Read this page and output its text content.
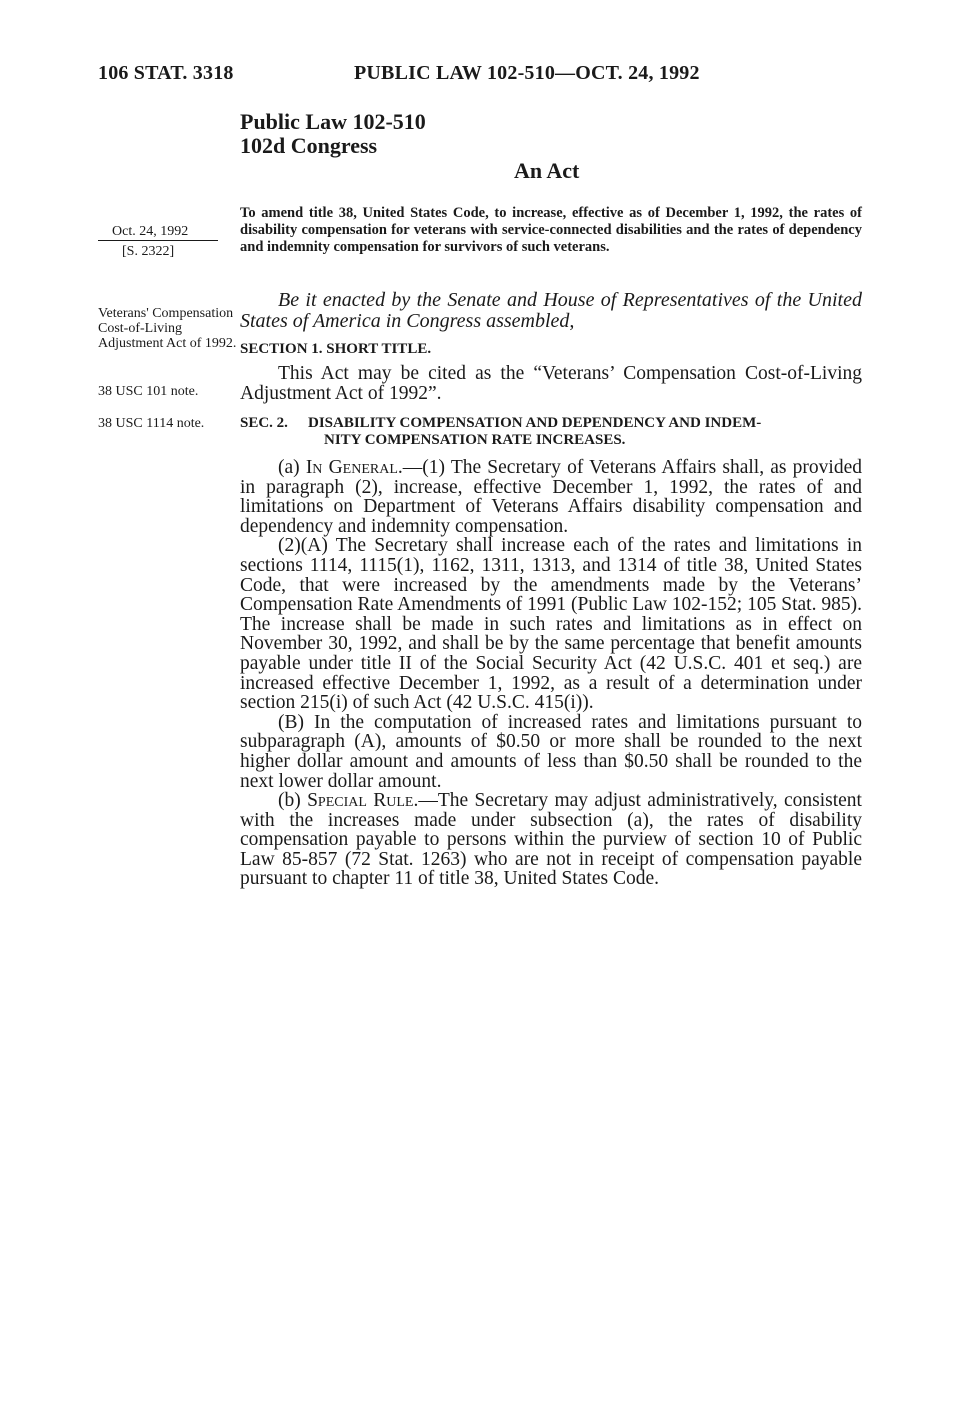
106 STAT. 3318	PUBLIC LAW 102-510—OCT. 24, 1992
Public Law 102-510
102d Congress
An Act
Oct. 24, 1992
[S. 2322]
Veterans' Compensation Cost-of-Living Adjustment Act of 1992.
38 USC 101 note.
38 USC 1114 note.
To amend title 38, United States Code, to increase, effective as of December 1, 1992, the rates of disability compensation for veterans with service-connected disabilities and the rates of dependency and indemnity compensation for survivors of such veterans.

Be it enacted by the Senate and House of Representatives of the United States of America in Congress assembled,

SECTION 1. SHORT TITLE.

This Act may be cited as the “Veterans’ Compensation Cost-of-Living Adjustment Act of 1992”.

SEC. 2. DISABILITY COMPENSATION AND DEPENDENCY AND INDEM-
NITY COMPENSATION RATE INCREASES.

(a) In General.—(1) The Secretary of Veterans Affairs shall, as provided in paragraph (2), increase, effective December 1, 1992, the rates of and limitations on Department of Veterans Affairs disability compensation and dependency and indemnity compensation.

(2)(A) The Secretary shall increase each of the rates and limitations in sections 1114, 1115(1), 1162, 1311, 1313, and 1314 of title 38, United States Code, that were increased by the amendments made by the Veterans’ Compensation Rate Amendments of 1991 (Public Law 102-152; 105 Stat. 985). The increase shall be made in such rates and limitations as in effect on November 30, 1992, and shall be by the same percentage that benefit amounts payable under title II of the Social Security Act (42 U.S.C. 401 et seq.) are increased effective December 1, 1992, as a result of a determination under section 215(i) of such Act (42 U.S.C. 415(i)).

(B) In the computation of increased rates and limitations pursuant to subparagraph (A), amounts of $0.50 or more shall be rounded to the next higher dollar amount and amounts of less than $0.50 shall be rounded to the next lower dollar amount.

(b) Special Rule.—The Secretary may adjust administratively, consistent with the increases made under subsection (a), the rates of disability compensation payable to persons within the purview of section 10 of Public Law 85-857 (72 Stat. 1263) who are not in receipt of compensation payable pursuant to chapter 11 of title 38, United States Code.
